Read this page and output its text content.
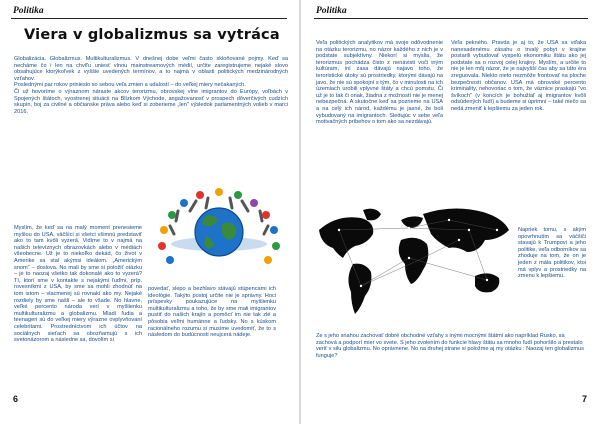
Politika
Viera v globalizmus sa vytráca

Globalizácia. Globalizmus. Multikulturalizmus. V dnešnej dobe veľmi často skloňované pojmy. Keď sa necháme čo i len na chvíľu uniesť vlnou mainstreamových médií, určite zaregistrujeme nejaké slovo obsahujúce ktorýkoľvek z vyššie uvedených termínov, a to najmä v oblasti politických medzinárodných vzťahov.

Poslednými par rokov prinieslo so sebou veľa zmien a udalostí – do veľkej miery nečakaných.

Či už hovoríme o výraznom náraste akcov terorizmu, obrovskej vlne imigrantov do Európy, voľbách v Spojených štátoch, vyostrenej situácii na Blízkom Východe, angažovanosť v prospech dôverčivých cudzích skupín, boj za civilné a občianske práva alebo keď si zoberieme „len" výsledok parlamentných volieb v marci 2016.

Myslím, že keď sa na malý moment prenesieme myšlou do USA, väčšíci si všetci všimnú predstaviť ako to tam kvôli vyzerá. Vidíme to v najmä na našich televíznych obrazovkách alebo v médiách všeobecne. Už je to niekoľko dekád, čo život v Amerike sa stal akýmsi ideálom. „Americkým snom" – doslova. No mali by sme si položiť otázku – je to naozaj všetko tak dokonalé ako to vyzerá? Tí, ktorí sme v kontakte s nejakými ľuďmi, príp. rovesníkmi z USA, by sme sa mohli zhodnúť na tom istom – vlacmenej sú rovnakí ako my. Nejaké rozdiely by sme našli – ale to všade. No hlavne, veľké percento národa verí v myšlienku multikulturalizmu a globalizmu. Mladí ľudia a teenageri sú do veľkej miery výrazne ovplyvňovaní celebritami. Prostredníctvom ich účtov na sociálnych sieťach sa obozňamujú s ich svetonázorom a následne sa, dovolím si
povedať, slepo a bezhlavo stávajú stúpencami ich ideológie. Takýto postoj určite nie je správny. Hoci príspevky poukazujúce na myšlienku multikulturalizmu a toho, že by sme mali imigrantov pustiť do našich krajín a pomôcť im nie tak zlé a pôsobia veľmi humánne a ľudsky. No s kúskom racionálneho rozumu si musíme uvedomiť, že to s následom do budúcnosti neujcerá nádeje.
6
Politika
Veľa politických analytikov má svoje odôvodnenie na otázku terorizmu, no názor každého z nich je v podstate subjektívny. Niekorí si myslia, že terorizmus pochádza čisto z nenávisti voči iným kultúram, iní zasa dávajú najavo toho, že teroristické útoky sú prostriedky, ktorými dávajú na javo, že nie sú spokojní s tým, čo v minulosti na ich územiach urobili vplyvné štáty a chcú pomstu. Či už je to tak či onak, žiadna z možností nie je menej nebezpečná. A skutočne keď sa pozrieme na USA a na celý ich národ, každému je jasné, že boli vybudovaný na imigrantoch. Sledujúc v sebe veľa motivačných príbehov o tom ako sa nezdávajú.
Veľa pekného. Pravda je aj to, že USA sa vďaka nanesadenému zásahu o trvalý pobyt v krajine postarili vybudovať vyspelú ekonomiku štátu ako jej podstate sa o rozvoj celej krajiny. Myslím, a určite to nie je len môj názor, že je najvyšší čas aby sa táto éra zreguovala. Niekto nieto nezmôže frontovať na ploche bezpečnosti občanov. USA má obrovské percento kriminality, nehovoriac o tom, že väznice praskajú "vo švíkoch" (v koncích je bohužiaľ aj imigrantov kvôli odsúdených ľudí) a budeme si úprimní – také niečo sa nedá zmeniť k lepšiemu za jeden rok.
Napriek tomu, s akým opovrhnutím sa väčšiči stavajú k Trumpovi a jeho politike, veľa odborníkov sa zhoduje na tom, že on je jeden z mála politikov, ktoi má vplyv a prostriedky na zmenu k lepšiemu.
Ze s jeho snahou zachovať dobré obchodné vzťahy s inými mocnými štátmi ako napríklad Rusko, sa zachová a podporí mier vo svete. S jeho zvolením do funkcie hlavy štátu sa mnoho ľudí pohoršilo a prestalo veriť v silu globalizmu. No oprávnene. No na druhej strane si položme aj my otázku : Naozaj ten globalizmus funguje?
7
